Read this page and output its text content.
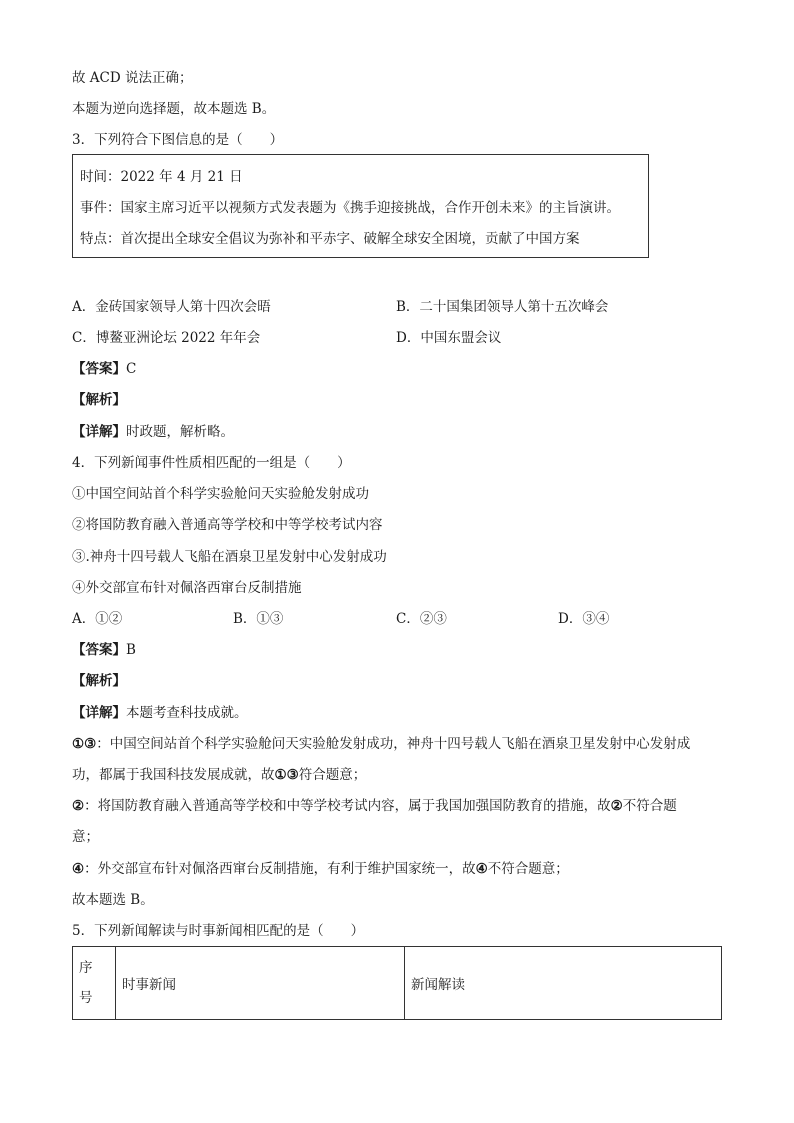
故 ACD 说法正确；
本题为逆向选择题，故本题选 B。
3．下列符合下图信息的是（　　）
时间：2022 年 4 月 21 日
事件：国家主席习近平以视频方式发表题为《携手迎接挑战，合作开创未来》的主旨演讲。
特点：首次提出全球安全倡议为弥补和平赤字、破解全球安全困境，贡献了中国方案
A．金砖国家领导人第十四次会晤	B．二十国集团领导人第十五次峰会
C．博鳌亚洲论坛 2022 年年会	D．中国东盟会议
【答案】C
【解析】
【详解】时政题，解析略。
4．下列新闻事件性质相匹配的一组是（　　）
①中国空间站首个科学实验舱问天实验舱发射成功
②将国防教育融入普通高等学校和中等学校考试内容
③.神舟十四号载人飞船在酒泉卫星发射中心发射成功
④外交部宣布针对佩洛西窜台反制措施
A．①②	B．①③	C．②③	D．③④
【答案】B
【解析】
【详解】本题考查科技成就。
①③：中国空间站首个科学实验舱问天实验舱发射成功，神舟十四号载人飞船在酒泉卫星发射中心发射成
功，都属于我国科技发展成就，故①③符合题意；
②：将国防教育融入普通高等学校和中等学校考试内容，属于我国加强国防教育的措施，故②不符合题
意；
④：外交部宣布针对佩洛西窜台反制措施，有利于维护国家统一，故④不符合题意；
故本题选 B。
5．下列新闻解读与时事新闻相匹配的是（　　）
序
号	时事新闻	新闻解读
